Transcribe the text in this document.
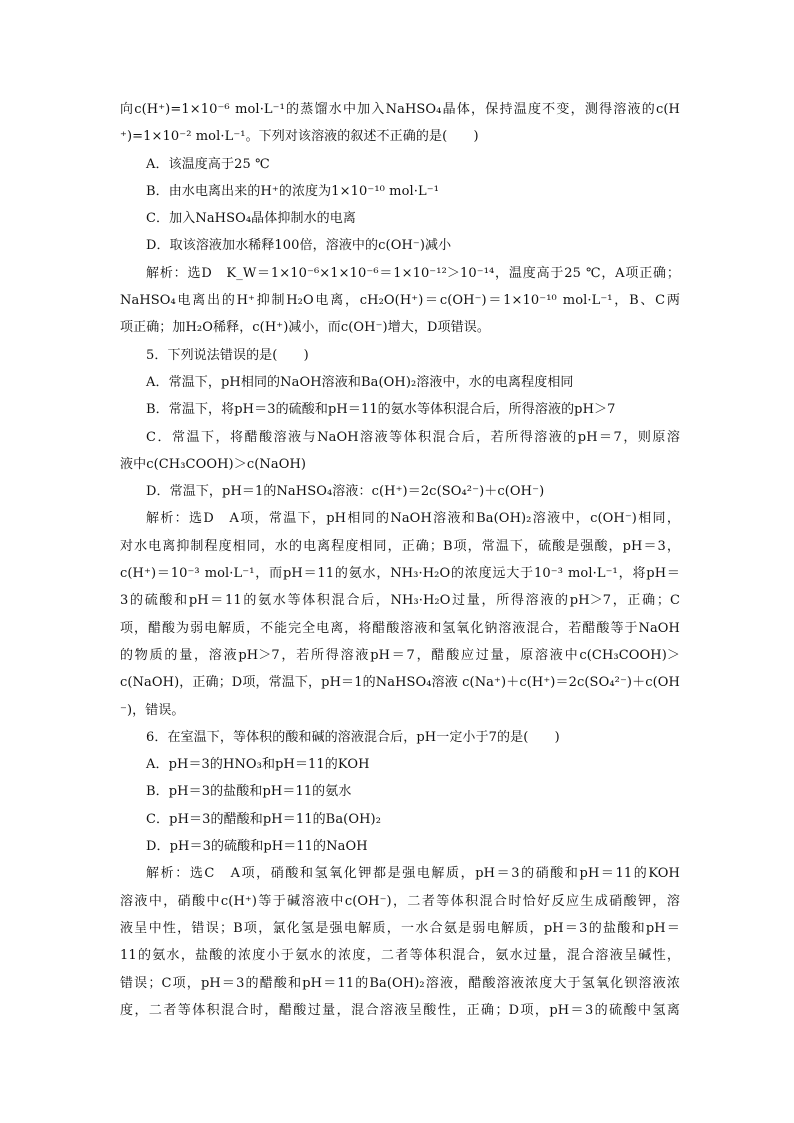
向c(H⁺)=1×10⁻⁶ mol·L⁻¹的蒸馏水中加入NaHSO₄晶体，保持温度不变，测得溶液的c(H
⁺)=1×10⁻² mol·L⁻¹。下列对该溶液的叙述不正确的是(　　)
A．该温度高于25 ℃
B．由水电离出来的H⁺的浓度为1×10⁻¹⁰ mol·L⁻¹
C．加入NaHSO₄晶体抑制水的电离
D．取该溶液加水稀释100倍，溶液中的c(OH⁻)减小
解析：选D　K_W＝1×10⁻⁶×1×10⁻⁶＝1×10⁻¹²＞10⁻¹⁴，温度高于25 ℃，A项正确；
NaHSO₄电离出的H⁺抑制H₂O电离，cH₂O(H⁺)＝c(OH⁻)＝1×10⁻¹⁰ mol·L⁻¹，B、C两
项正确；加H₂O稀释，c(H⁺)减小，而c(OH⁻)增大，D项错误。
5．下列说法错误的是(　　)
A．常温下，pH相同的NaOH溶液和Ba(OH)₂溶液中，水的电离程度相同
B．常温下，将pH＝3的硫酸和pH＝11的氨水等体积混合后，所得溶液的pH＞7
C．常温下，将醋酸溶液与NaOH溶液等体积混合后，若所得溶液的pH＝7，则原溶
液中c(CH₃COOH)＞c(NaOH)
D．常温下，pH＝1的NaHSO₄溶液：c(H⁺)＝2c(SO₄²⁻)＋c(OH⁻)
解析：选D　A项，常温下，pH相同的NaOH溶液和Ba(OH)₂溶液中，c(OH⁻)相同，
对水电离抑制程度相同，水的电离程度相同，正确；B项，常温下，硫酸是强酸，pH＝3，
c(H⁺)＝10⁻³ mol·L⁻¹，而pH＝11的氨水，NH₃·H₂O的浓度远大于10⁻³ mol·L⁻¹，将pH＝
3的硫酸和pH＝11的氨水等体积混合后，NH₃·H₂O过量，所得溶液的pH＞7，正确；C
项，醋酸为弱电解质，不能完全电离，将醋酸溶液和氢氧化钠溶液混合，若醋酸等于NaOH
的物质的量，溶液pH＞7，若所得溶液pH＝7，醋酸应过量，原溶液中c(CH₃COOH)＞
c(NaOH)，正确；D项，常温下，pH＝1的NaHSO₄溶液 c(Na⁺)＋c(H⁺)＝2c(SO₄²⁻)＋c(OH
⁻)，错误。
6．在室温下，等体积的酸和碱的溶液混合后，pH一定小于7的是(　　)
A．pH＝3的HNO₃和pH＝11的KOH
B．pH＝3的盐酸和pH＝11的氨水
C．pH＝3的醋酸和pH＝11的Ba(OH)₂
D．pH＝3的硫酸和pH＝11的NaOH
解析：选C　A项，硝酸和氢氧化钾都是强电解质，pH＝3的硝酸和pH＝11的KOH
溶液中，硝酸中c(H⁺)等于碱溶液中c(OH⁻)，二者等体积混合时恰好反应生成硝酸钾，溶
液呈中性，错误；B项，氯化氢是强电解质，一水合氨是弱电解质，pH＝3的盐酸和pH＝
11的氨水，盐酸的浓度小于氨水的浓度，二者等体积混合，氨水过量，混合溶液呈碱性，
错误；C项，pH＝3的醋酸和pH＝11的Ba(OH)₂溶液，醋酸溶液浓度大于氢氧化钡溶液浓
度，二者等体积混合时，醋酸过量，混合溶液呈酸性，正确；D项，pH＝3的硫酸中氢离
